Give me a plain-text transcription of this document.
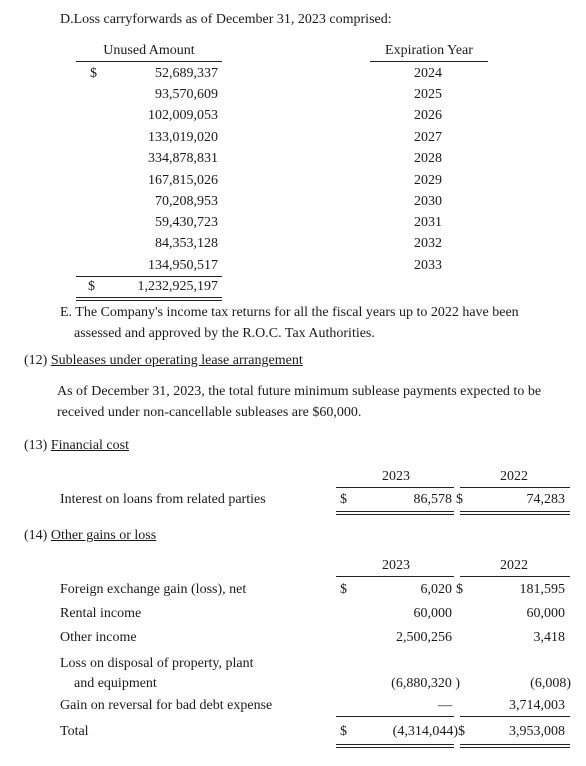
D.Loss carryforwards as of December 31, 2023 comprised:
Unused Amount	Expiration Year
$	52,689,337	2024
93,570,609	2025
102,009,053	2026
133,019,020	2027
334,878,831	2028
167,815,026	2029
70,208,953	2030
59,430,723	2031
84,353,128	2032
134,950,517	2033
$	1,232,925,197
E. The Company's income tax returns for all the fiscal years up to 2022 have been assessed and approved by the R.O.C. Tax Authorities.
(12) Subleases under operating lease arrangement
As of December 31, 2023, the total future minimum sublease payments expected to be received under non-cancellable subleases are $60,000.
(13) Financial cost
2023	2022
Interest on loans from related parties	$	86,578 $	74,283
(14) Other gains or loss
2023	2022
Foreign exchange gain (loss), net	$	6,020 $	181,595
Rental income	60,000	60,000
Other income	2,500,256	3,418
Loss on disposal of property, plant
and equipment	(6,880,320 )	(6,008)
Gain on reversal for bad debt expense	—	3,714,003
Total	$	(4,314,044) $	3,953,008
